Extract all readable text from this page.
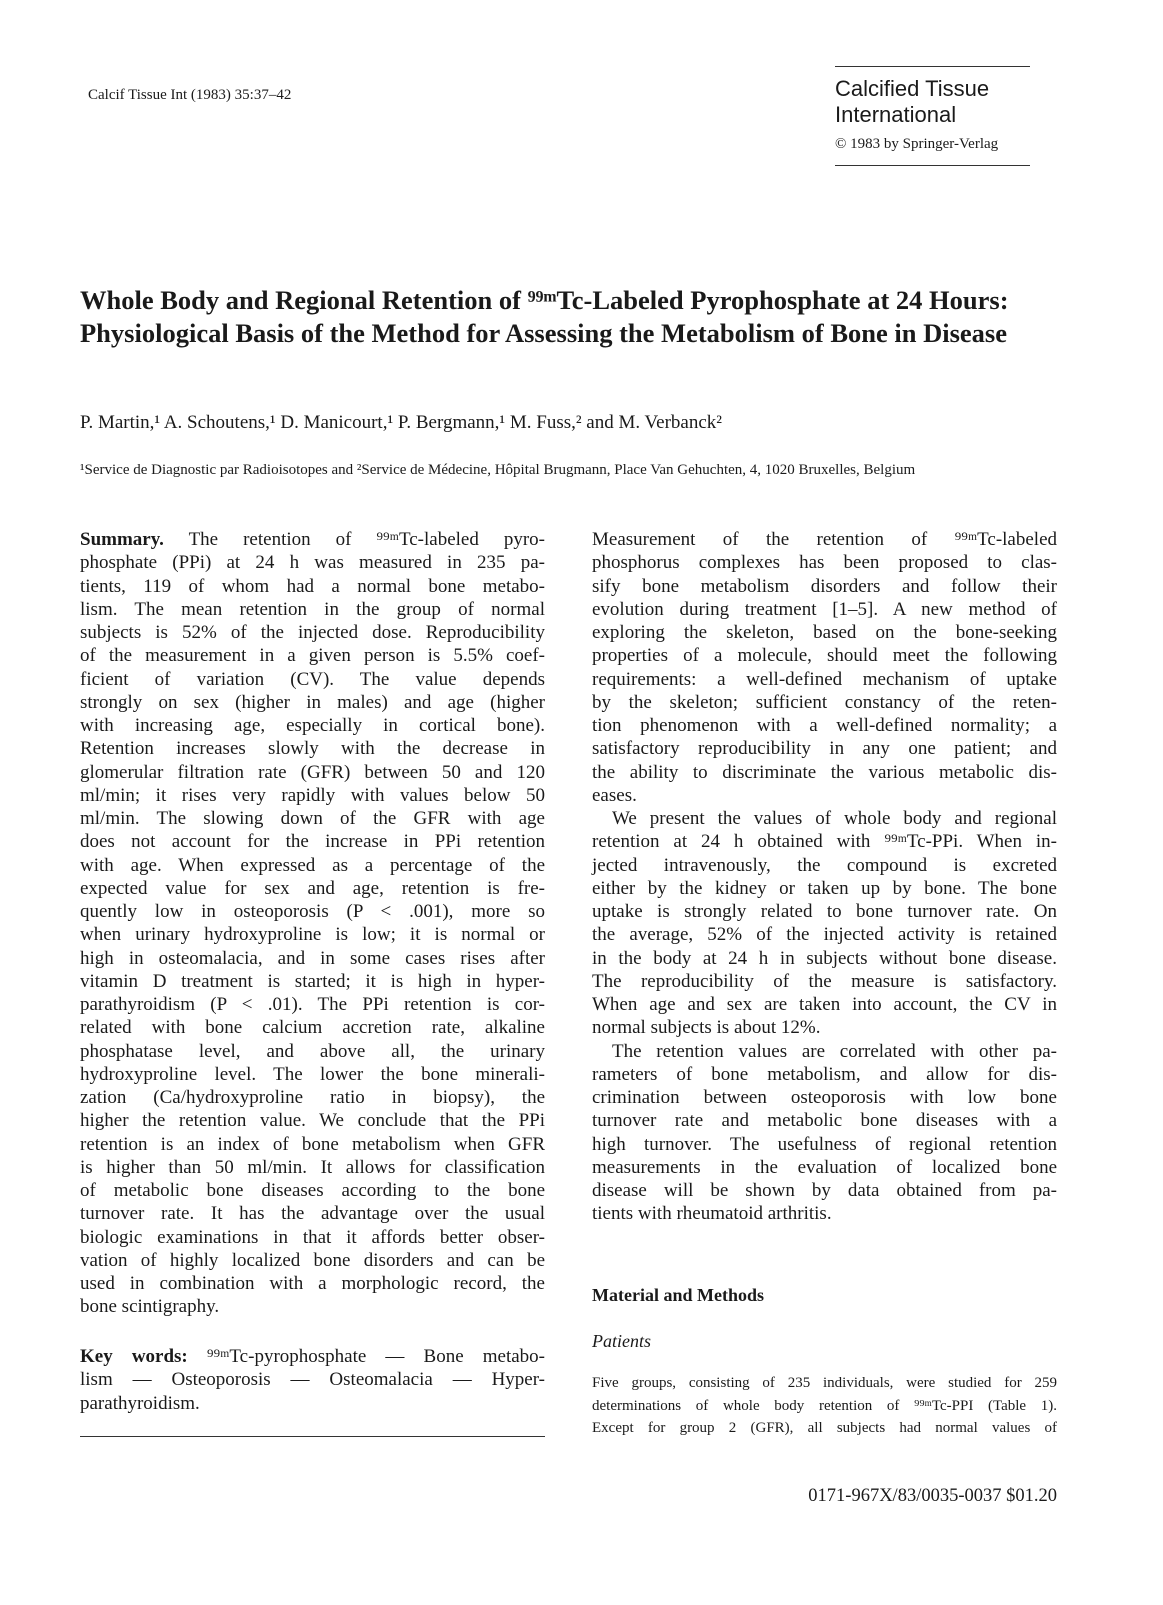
Calcif Tissue Int (1983) 35:37–42	Calcified Tissue
International
© 1983 by Springer-Verlag
Whole Body and Regional Retention of ⁹⁹ᵐTc-Labeled Pyrophosphate at 24 Hours: Physiological Basis of the Method for Assessing the Metabolism of Bone in Disease
P. Martin,¹ A. Schoutens,¹ D. Manicourt,¹ P. Bergmann,¹ M. Fuss,² and M. Verbanck²
¹Service de Diagnostic par Radioisotopes and ²Service de Médecine, Hôpital Brugmann, Place Van Gehuchten, 4, 1020 Bruxelles, Belgium
Summary. The retention of ⁹⁹ᵐTc-labeled pyro-
phosphate (PPi) at 24 h was measured in 235 pa-
tients, 119 of whom had a normal bone metabo-
lism. The mean retention in the group of normal
subjects is 52% of the injected dose. Reproducibility
of the measurement in a given person is 5.5% coef-
ficient of variation (CV). The value depends
strongly on sex (higher in males) and age (higher
with increasing age, especially in cortical bone).
Retention increases slowly with the decrease in
glomerular filtration rate (GFR) between 50 and 120
ml/min; it rises very rapidly with values below 50
ml/min. The slowing down of the GFR with age
does not account for the increase in PPi retention
with age. When expressed as a percentage of the
expected value for sex and age, retention is fre-
quently low in osteoporosis (P < .001), more so
when urinary hydroxyproline is low; it is normal or
high in osteomalacia, and in some cases rises after
vitamin D treatment is started; it is high in hyper-
parathyroidism (P < .01). The PPi retention is cor-
related with bone calcium accretion rate, alkaline
phosphatase level, and above all, the urinary
hydroxyproline level. The lower the bone minerali-
zation (Ca/hydroxyproline ratio in biopsy), the
higher the retention value. We conclude that the PPi
retention is an index of bone metabolism when GFR
is higher than 50 ml/min. It allows for classification
of metabolic bone diseases according to the bone
turnover rate. It has the advantage over the usual
biologic examinations in that it affords better obser-
vation of highly localized bone disorders and can be
used in combination with a morphologic record, the
bone scintigraphy.
Key words: ⁹⁹ᵐTc-pyrophosphate — Bone metabo-
lism — Osteoporosis — Osteomalacia — Hyper-
parathyroidism.
Measurement of the retention of ⁹⁹ᵐTc-labeled
phosphorus complexes has been proposed to clas-
sify bone metabolism disorders and follow their
evolution during treatment [1–5]. A new method of
exploring the skeleton, based on the bone-seeking
properties of a molecule, should meet the following
requirements: a well-defined mechanism of uptake
by the skeleton; sufficient constancy of the reten-
tion phenomenon with a well-defined normality; a
satisfactory reproducibility in any one patient; and
the ability to discriminate the various metabolic dis-
eases.
We present the values of whole body and regional
retention at 24 h obtained with ⁹⁹ᵐTc-PPi. When in-
jected intravenously, the compound is excreted
either by the kidney or taken up by bone. The bone
uptake is strongly related to bone turnover rate. On
the average, 52% of the injected activity is retained
in the body at 24 h in subjects without bone disease.
The reproducibility of the measure is satisfactory.
When age and sex are taken into account, the CV in
normal subjects is about 12%.
The retention values are correlated with other pa-
rameters of bone metabolism, and allow for dis-
crimination between osteoporosis with low bone
turnover rate and metabolic bone diseases with a
high turnover. The usefulness of regional retention
measurements in the evaluation of localized bone
disease will be shown by data obtained from pa-
tients with rheumatoid arthritis.
Material and Methods
Patients
Five groups, consisting of 235 individuals, were studied for 259
determinations of whole body retention of ⁹⁹ᵐTc-PPI (Table 1).
Except for group 2 (GFR), all subjects had normal values of
0171-967X/83/0035-0037 $01.20
